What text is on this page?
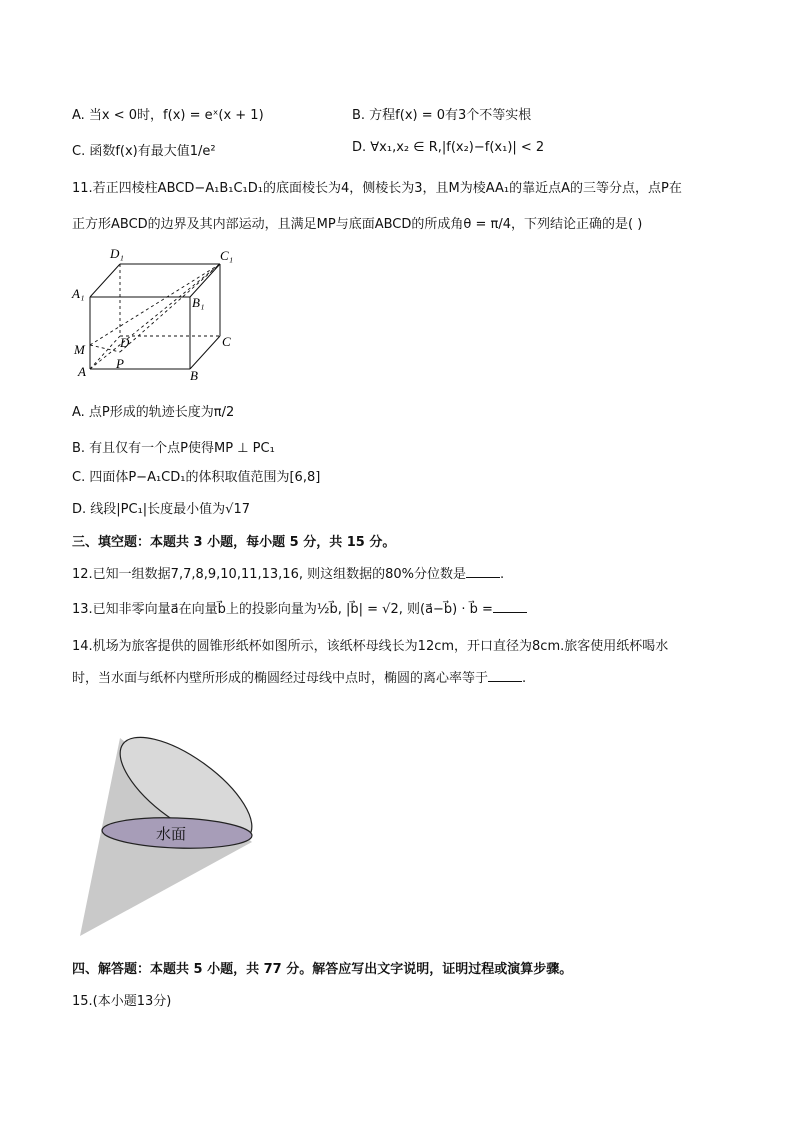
A. 当x < 0时，f(x) = eˣ(x + 1)	B. 方程f(x) = 0有3个不等实根
C. 函数f(x)有最大值1/e²	D. ∀x₁,x₂ ∈ R,|f(x₂)−f(x₁)| < 2
11.若正四棱柱ABCD−A₁B₁C₁D₁的底面棱长为4，侧棱长为3，且M为棱AA₁的靠近点A的三等分点，点P在
正方形ABCD的边界及其内部运动，且满足MP与底面ABCD的所成角θ = π/4，下列结论正确的是( )
D₁	C₁
A₁
B₁
M	D	C
A
P
B
A. 点P形成的轨迹长度为π/2
B. 有且仅有一个点P使得MP ⊥ PC₁
C. 四面体P−A₁CD₁的体积取值范围为[6,8]
D. 线段|PC₁|长度最小值为√17
三、填空题：本题共 3 小题，每小题 5 分，共 15 分。
12.已知一组数据7,7,8,9,10,11,13,16, 则这组数据的80%分位数是	.
13.已知非零向量a⃗在向量b⃗上的投影向量为½b⃗, |b⃗| = √2, 则(a⃗−b⃗) · b⃗ =
14.机场为旅客提供的圆锥形纸杯如图所示，该纸杯母线长为12cm，开口直径为8cm.旅客使用纸杯喝水
时，当水面与纸杯内壁所形成的椭圆经过母线中点时，椭圆的离心率等于	.
水面
四、解答题：本题共 5 小题，共 77 分。解答应写出文字说明，证明过程或演算步骤。
15.(本小题13分)
